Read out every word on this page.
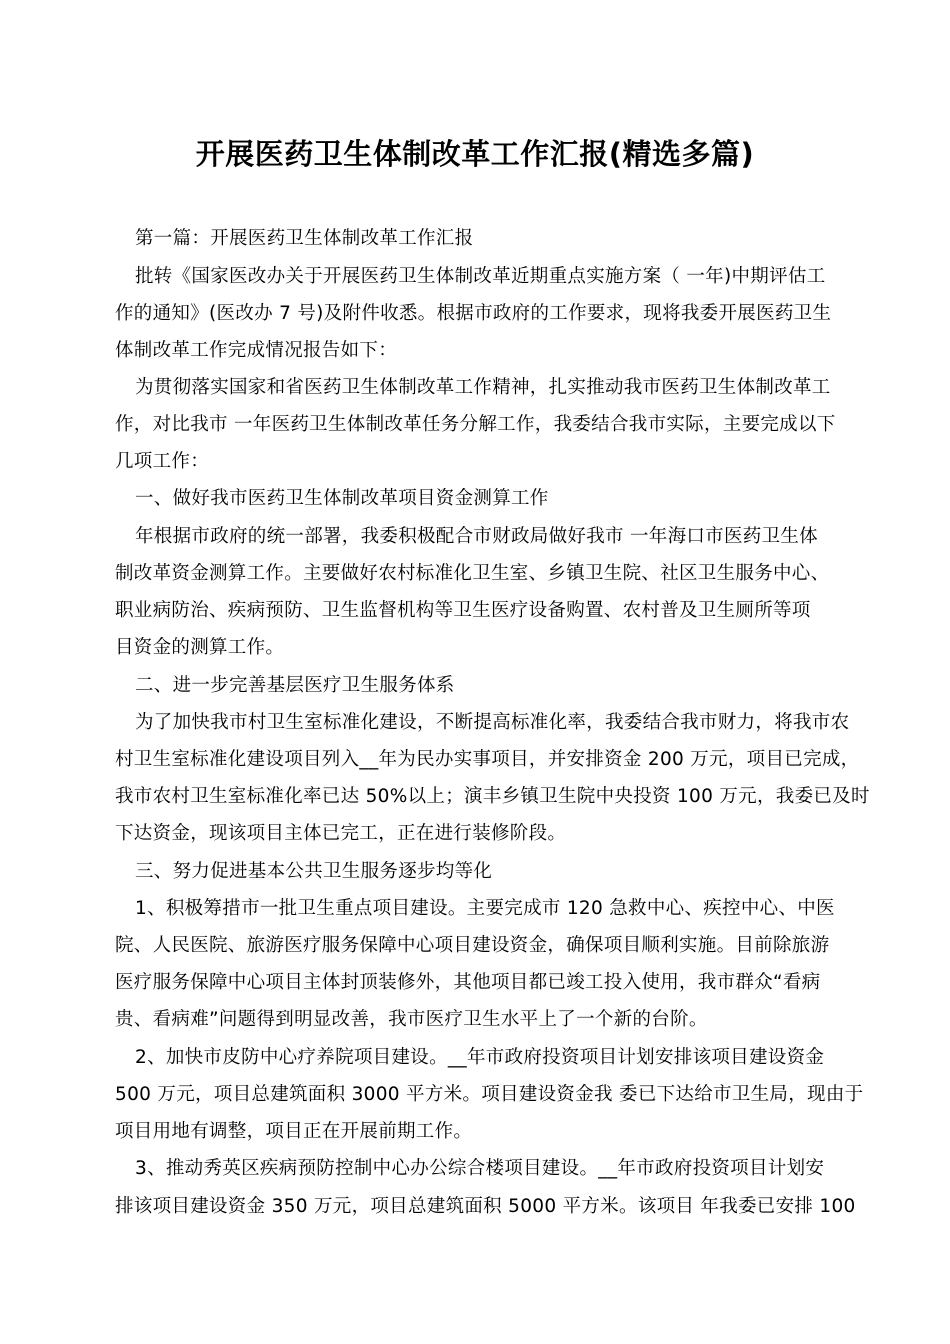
开展医药卫生体制改革工作汇报(精选多篇)
第一篇：开展医药卫生体制改革工作汇报
批转《国家医改办关于开展医药卫生体制改革近期重点实施方案（ 一年)中期评估工
作的通知》(医改办 7 号)及附件收悉。根据市政府的工作要求，现将我委开展医药卫生
体制改革工作完成情况报告如下：
为贯彻落实国家和省医药卫生体制改革工作精神，扎实推动我市医药卫生体制改革工
作，对比我市 一年医药卫生体制改革任务分解工作，我委结合我市实际，主要完成以下
几项工作：
一、做好我市医药卫生体制改革项目资金测算工作
年根据市政府的统一部署，我委积极配合市财政局做好我市 一年海口市医药卫生体
制改革资金测算工作。主要做好农村标准化卫生室、乡镇卫生院、社区卫生服务中心、
职业病防治、疾病预防、卫生监督机构等卫生医疗设备购置、农村普及卫生厕所等项
目资金的测算工作。
二、进一步完善基层医疗卫生服务体系
为了加快我市村卫生室标准化建设，不断提高标准化率，我委结合我市财力，将我市农
村卫生室标准化建设项目列入__年为民办实事项目，并安排资金 200 万元，项目已完成，
我市农村卫生室标准化率已达 50%以上；演丰乡镇卫生院中央投资 100 万元，我委已及时
下达资金，现该项目主体已完工，正在进行装修阶段。
三、努力促进基本公共卫生服务逐步均等化
1、积极筹措市一批卫生重点项目建设。主要完成市 120 急救中心、疾控中心、中医
院、人民医院、旅游医疗服务保障中心项目建设资金，确保项目顺利实施。目前除旅游
医疗服务保障中心项目主体封顶装修外，其他项目都已竣工投入使用，我市群众“看病
贵、看病难”问题得到明显改善，我市医疗卫生水平上了一个新的台阶。
2、加快市皮防中心疗养院项目建设。__年市政府投资项目计划安排该项目建设资金
500 万元，项目总建筑面积 3000 平方米。项目建设资金我 委已下达给市卫生局，现由于
项目用地有调整，项目正在开展前期工作。
3、推动秀英区疾病预防控制中心办公综合楼项目建设。__年市政府投资项目计划安
排该项目建设资金 350 万元，项目总建筑面积 5000 平方米。该项目 年我委已安排 100
